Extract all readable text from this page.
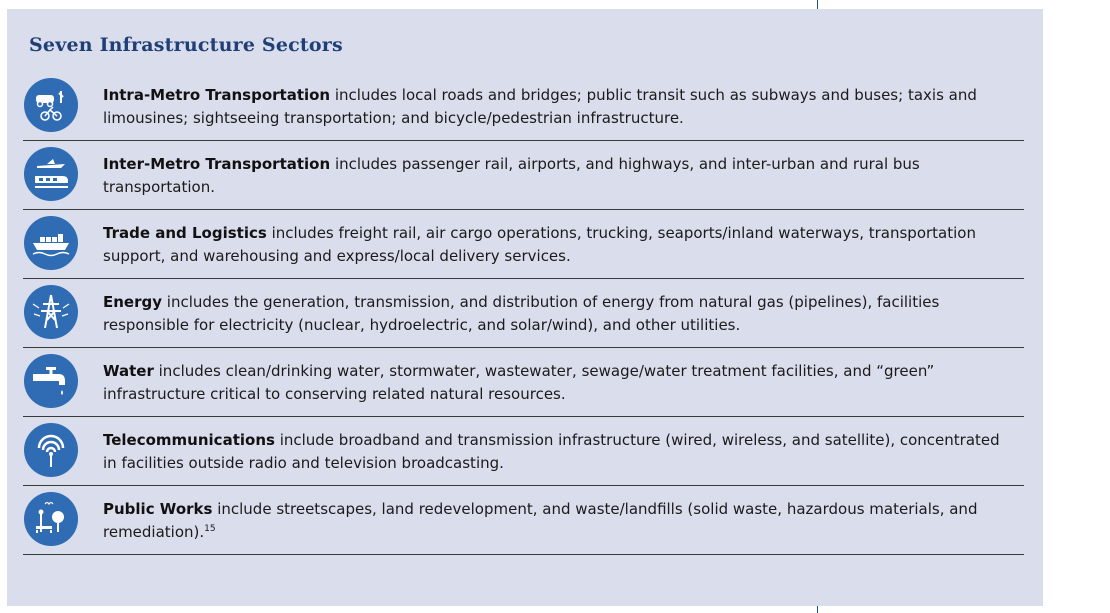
Seven Infrastructure Sectors
Intra-Metro Transportation includes local roads and bridges; public transit such as subways and buses; taxis and limousines; sightseeing transportation; and bicycle/pedestrian infrastructure.
Inter-Metro Transportation includes passenger rail, airports, and highways, and inter-urban and rural bus transportation.
Trade and Logistics includes freight rail, air cargo operations, trucking, seaports/inland waterways, transportation support, and warehousing and express/local delivery services.
Energy includes the generation, transmission, and distribution of energy from natural gas (pipelines), facilities responsible for electricity (nuclear, hydroelectric, and solar/wind), and other utilities.
Water includes clean/drinking water, stormwater, wastewater, sewage/water treatment facilities, and “green” infrastructure critical to conserving related natural resources.
Telecommunications include broadband and transmission infrastructure (wired, wireless, and satellite), concentrated in facilities outside radio and television broadcasting.
Public Works include streetscapes, land redevelopment, and waste/landfills (solid waste, hazardous materials, and remediation).$^{15}$
